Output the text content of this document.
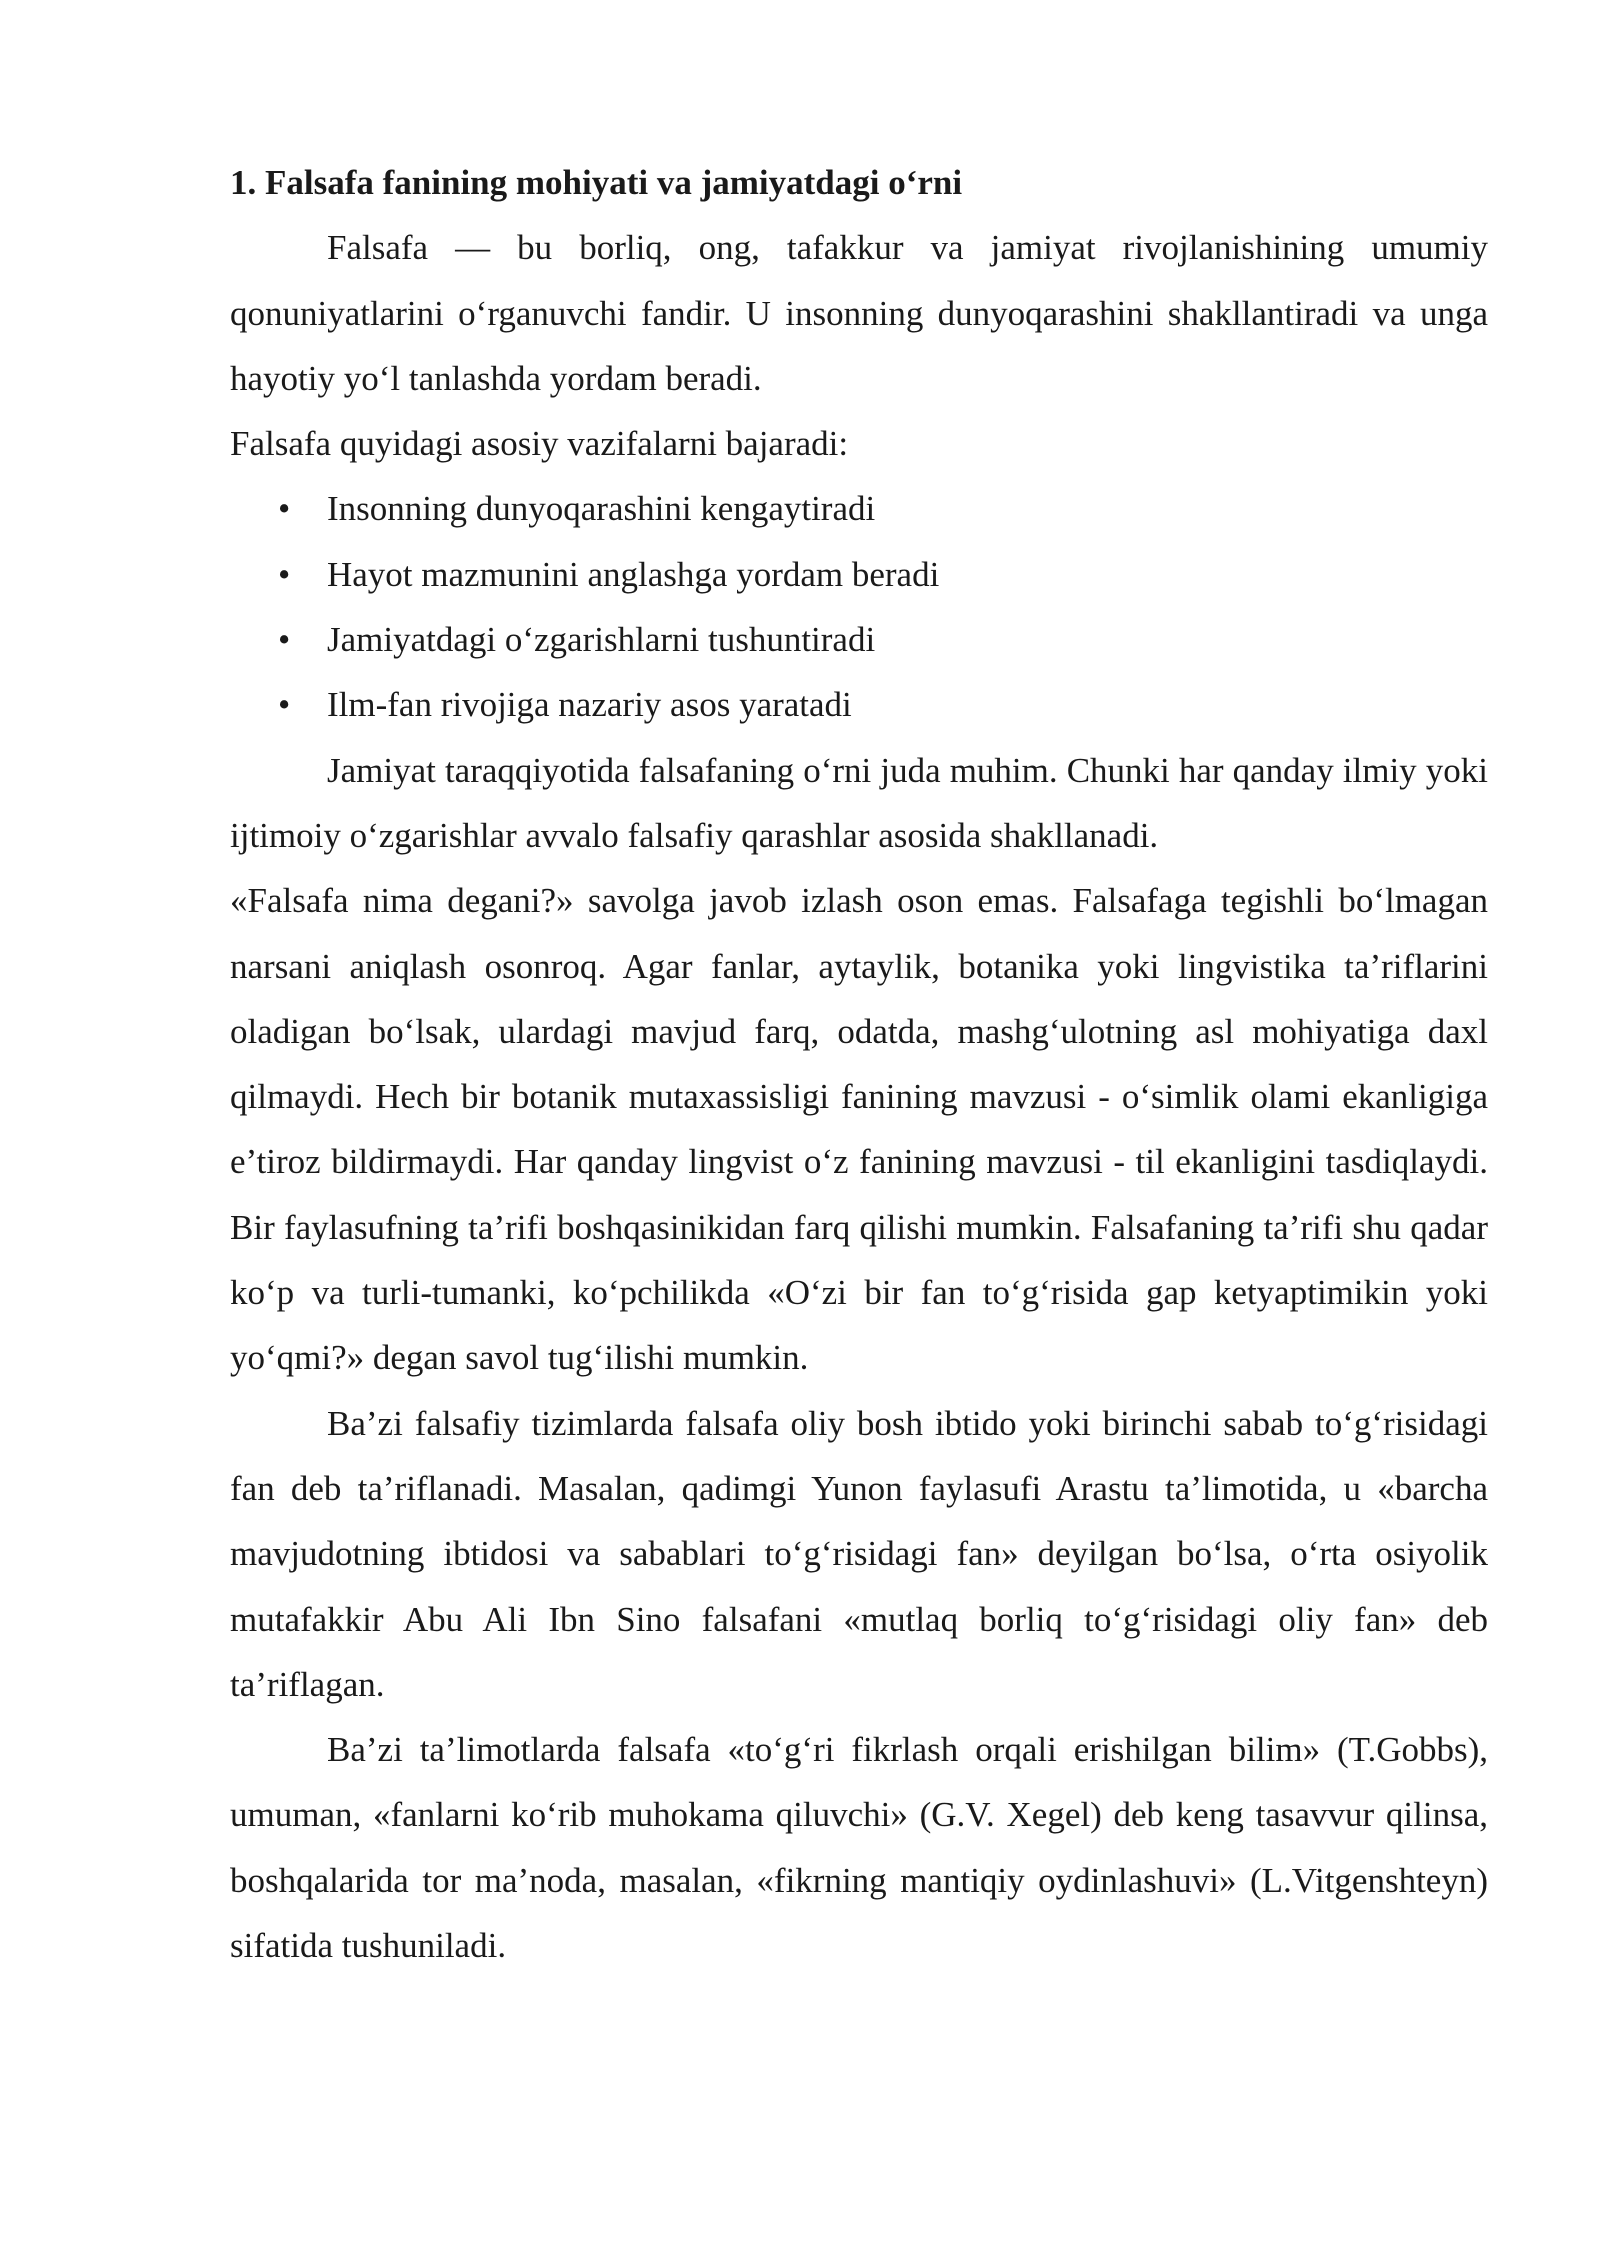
1. Falsafa fanining mohiyati va jamiyatdagi o‘rni

Falsafa — bu borliq, ong, tafakkur va jamiyat rivojlanishining umumiy qonuniyatlarini o‘rganuvchi fandir. U insonning dunyoqarashini shakllantiradi va unga hayotiy yo‘l tanlashda yordam beradi.

Falsafa quyidagi asosiy vazifalarni bajaradi:

• Insonning dunyoqarashini kengaytiradi
• Hayot mazmunini anglashga yordam beradi
• Jamiyatdagi o‘zgarishlarni tushuntiradi
• Ilm-fan rivojiga nazariy asos yaratadi

Jamiyat taraqqiyotida falsafaning o‘rni juda muhim. Chunki har qanday ilmiy yoki ijtimoiy o‘zgarishlar avvalo falsafiy qarashlar asosida shakllanadi.

«Falsafa nima degani?» savolga javob izlash oson emas. Falsafaga tegishli bo‘lmagan narsani aniqlash osonroq. Agar fanlar, aytaylik, botanika yoki lingvistika ta’riflarini oladigan bo‘lsak, ulardagi mavjud farq, odatda, mashg‘ulotning asl mohiyatiga daxl qilmaydi. Hech bir botanik mutaxassisligi fanining mavzusi - o‘simlik olami ekanligiga e’tiroz bildirmaydi. Har qanday lingvist o‘z fanining mavzusi - til ekanligini tasdiqlaydi. Bir faylasufning ta’rifi boshqasinikidan farq qilishi mumkin. Falsafaning ta’rifi shu qadar ko‘p va turli-tumanki, ko‘pchilikda «O‘zi bir fan to‘g‘risida gap ketyaptimikin yoki yo‘qmi?» degan savol tug‘ilishi mumkin.

Ba’zi falsafiy tizimlarda falsafa oliy bosh ibtido yoki birinchi sabab to‘g‘risidagi fan deb ta’riflanadi. Masalan, qadimgi Yunon faylasufi Arastu ta’limotida, u «barcha mavjudotning ibtidosi va sabablari to‘g‘risidagi fan» deyilgan bo‘lsa, o‘rta osiyolik mutafakkir Abu Ali Ibn Sino falsafani «mutlaq borliq to‘g‘risidagi oliy fan» deb ta’riflagan.

Ba’zi ta’limotlarda falsafa «to‘g‘ri fikrlash orqali erishilgan bilim» (T.Gobbs), umuman, «fanlarni ko‘rib muhokama qiluvchi» (G.V. Xegel) deb keng tasavvur qilinsa, boshqalarida tor ma’noda, masalan, «fikrning mantiqiy oydinlashuvi» (L.Vitgenshteyn) sifatida tushuniladi.
